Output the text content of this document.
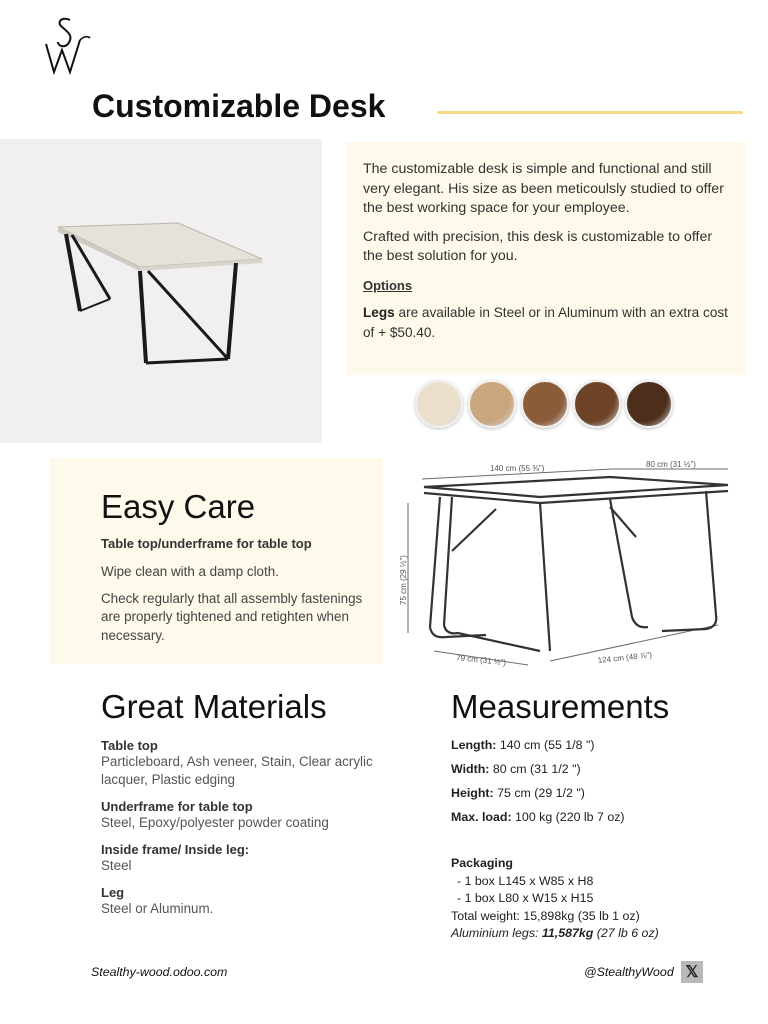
Customizable Desk

The customizable desk is simple and functional and still very elegant. His size as been meticoulsly studied to offer the best working space for your employee.

Crafted with precision, this desk is customizable to offer the best solution for you.

Options

Legs are available in Steel or in Aluminum with an extra cost of + $50.40.

Easy Care
Table top/underframe for table top

Wipe clean with a damp cloth.

Check regularly that all assembly fastenings are properly tightened and retighten when necessary.

140 cm (55 ⅜")	80 cm (31 ½")
75 cm (29 ½")
79 cm (31 ½")	124 cm (48 ⅞")
Great Materials
Table top
Particleboard, Ash veneer, Stain, Clear acrylic lacquer, Plastic edging
Underframe for table top
Steel, Epoxy/polyester powder coating
Inside frame/ Inside leg:
Steel
Leg
Steel or Aluminum.
Measurements
Length: 140 cm (55 1/8 ")
Width: 80 cm (31 1/2 ")
Height: 75 cm (29 1/2 ")
Max. load: 100 kg (220 lb 7 oz)
Packaging
- 1 box L145 x W85 x H8
- 1 box L80 x W15 x H15
Total weight: 15,898kg (35 lb 1 oz)
Aluminium legs: 11,587kg (27 lb 6 oz)
Stealthy-wood.odoo.com	@StealthyWood 𝕏
